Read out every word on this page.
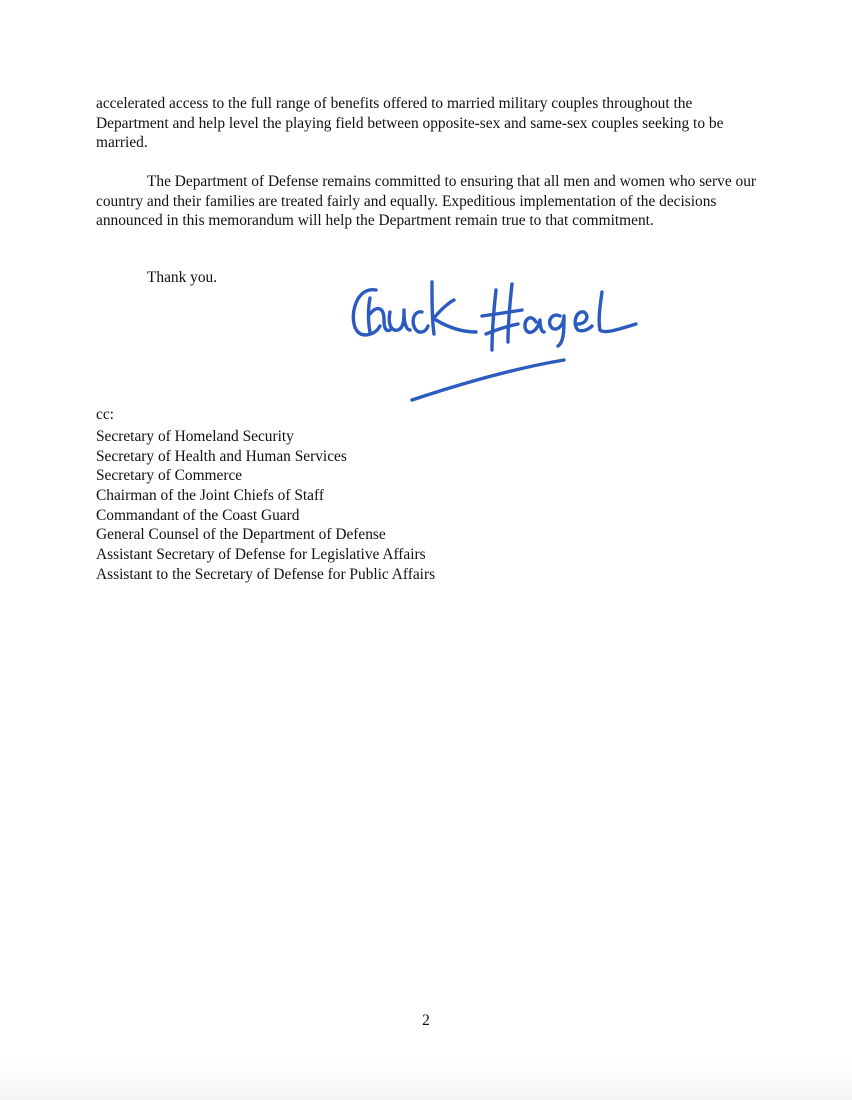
accelerated access to the full range of benefits offered to married military couples throughout the Department and help level the playing field between opposite-sex and same-sex couples seeking to be married.

The Department of Defense remains committed to ensuring that all men and women who serve our country and their families are treated fairly and equally. Expeditious implementation of the decisions announced in this memorandum will help the Department remain true to that commitment.

Thank you.

cc:

Secretary of Homeland Security
Secretary of Health and Human Services
Secretary of Commerce
Chairman of the Joint Chiefs of Staff
Commandant of the Coast Guard
General Counsel of the Department of Defense
Assistant Secretary of Defense for Legislative Affairs
Assistant to the Secretary of Defense for Public Affairs
2
